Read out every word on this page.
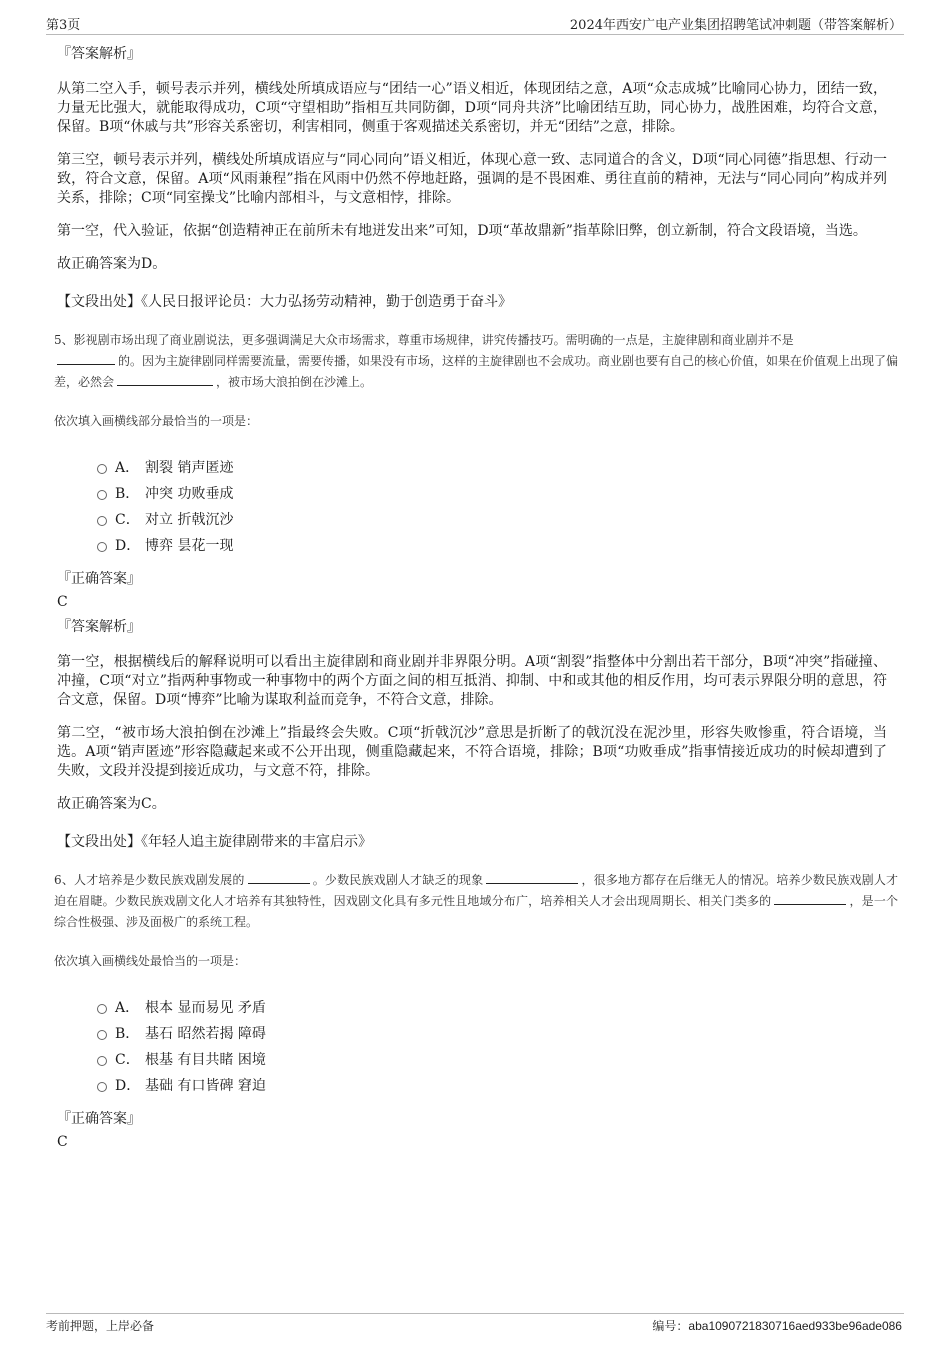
第3页	2024年西安广电产业集团招聘笔试冲刺题（带答案解析）
『答案解析』

从第二空入手，顿号表示并列，横线处所填成语应与“团结一心”语义相近，体现团结之意，A项“众志成城”比喻同心协力，团结一致，力量无比强大，就能取得成功，C项“守望相助”指相互共同防御，D项“同舟共济”比喻团结互助，同心协力，战胜困难，均符合文意，保留。B项“休戚与共”形容关系密切，利害相同，侧重于客观描述关系密切，并无“团结”之意，排除。

第三空，顿号表示并列，横线处所填成语应与“同心同向”语义相近，体现心意一致、志同道合的含义，D项“同心同德”指思想、行动一致，符合文意，保留。A项“风雨兼程”指在风雨中仍然不停地赶路，强调的是不畏困难、勇往直前的精神，无法与“同心同向”构成并列关系，排除；C项“同室操戈”比喻内部相斗，与文意相悖，排除。

第一空，代入验证，依据“创造精神正在前所未有地迸发出来”可知，D项“革故鼎新”指革除旧弊，创立新制，符合文段语境，当选。

故正确答案为D。

【文段出处】《人民日报评论员：大力弘扬劳动精神，勤于创造勇于奋斗》
5、影视剧市场出现了商业剧说法，更多强调满足大众市场需求，尊重市场规律，讲究传播技巧。需明确的一点是，主旋律剧和商业剧并不是
的。因为主旋律剧同样需要流量，需要传播，如果没有市场，这样的主旋律剧也不会成功。商业剧也要有自己的核心价值，如果在价值观上出现了偏差，必然会	，被市场大浪拍倒在沙滩上。
依次填入画横线部分最恰当的一项是：
A． 割裂 销声匿迹
B． 冲突 功败垂成
C． 对立 折戟沉沙
D． 博弈 昙花一现
『正确答案』
C
『答案解析』

第一空，根据横线后的解释说明可以看出主旋律剧和商业剧并非界限分明。A项“割裂”指整体中分割出若干部分，B项“冲突”指碰撞、冲撞，C项“对立”指两种事物或一种事物中的两个方面之间的相互抵消、抑制、中和或其他的相反作用，均可表示界限分明的意思，符合文意，保留。D项“博弈”比喻为谋取利益而竞争，不符合文意，排除。

第二空，“被市场大浪拍倒在沙滩上”指最终会失败。C项“折戟沉沙”意思是折断了的戟沉没在泥沙里，形容失败惨重，符合语境，当选。A项“销声匿迹”形容隐藏起来或不公开出现，侧重隐藏起来，不符合语境，排除；B项“功败垂成”指事情接近成功的时候却遭到了失败，文段并没提到接近成功，与文意不符，排除。

故正确答案为C。

【文段出处】《年轻人追主旋律剧带来的丰富启示》
6、人才培养是少数民族戏剧发展的	。少数民族戏剧人才缺乏的现象	，很多地方都存在后继无人的情况。培养少数民族戏剧人才迫在眉睫。少数民族戏剧文化人才培养有其独特性，因戏剧文化具有多元性且地域分布广，培养相关人才会出现周期长、相关门类多的	，是一个综合性极强、涉及面极广的系统工程。
依次填入画横线处最恰当的一项是：
A． 根本 显而易见 矛盾
B． 基石 昭然若揭 障碍
C． 根基 有目共睹 困境
D． 基础 有口皆碑 窘迫
『正确答案』
C
考前押题，上岸必备	编号：aba1090721830716aed933be96ade086
